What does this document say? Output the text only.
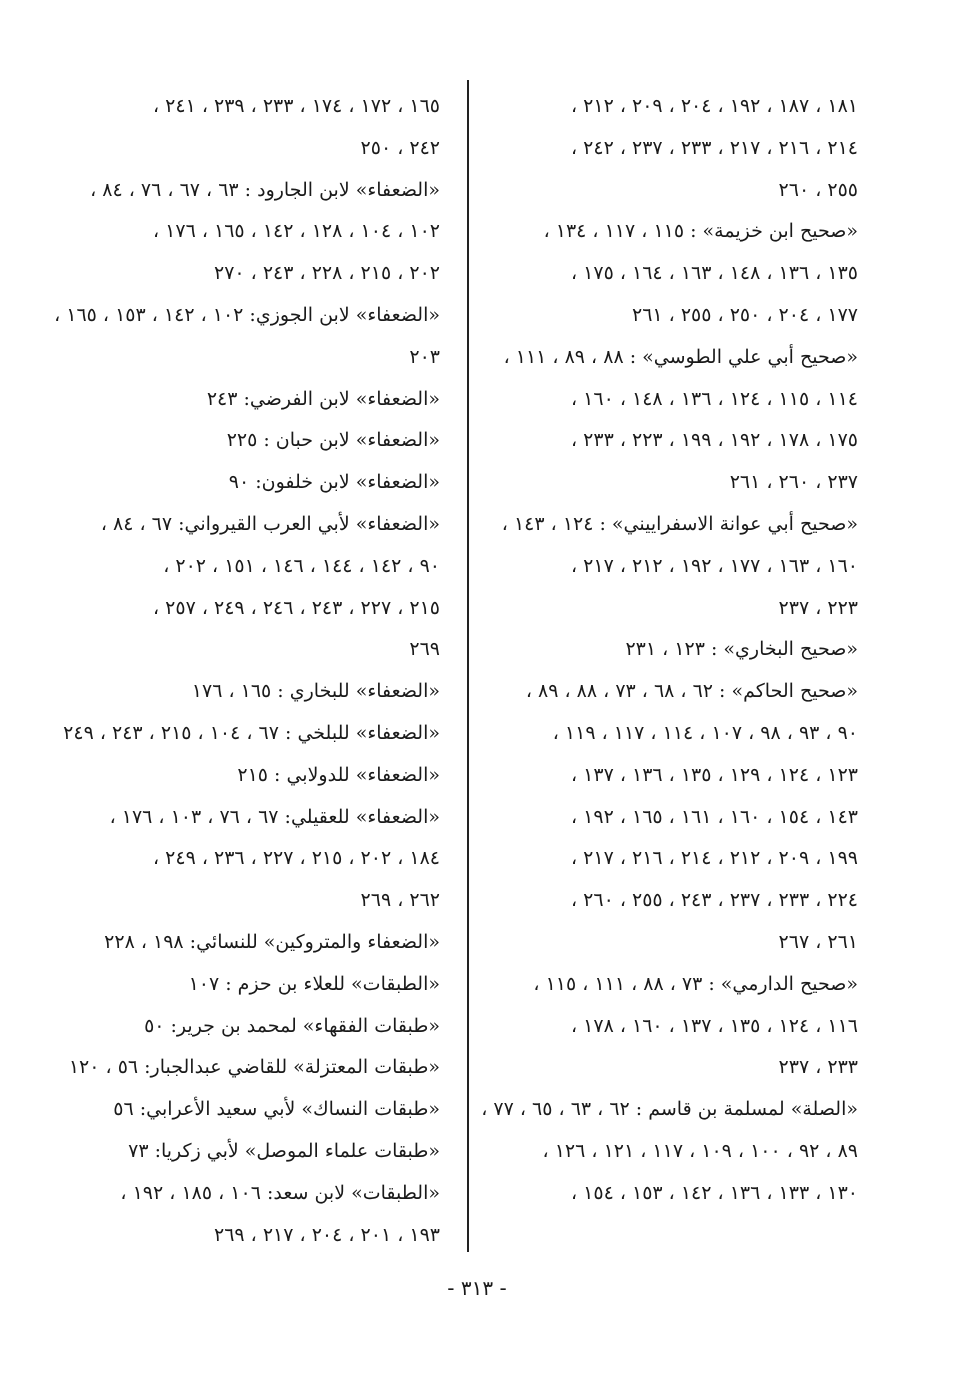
١٨١ ، ١٨٧ ، ١٩٢ ، ٢٠٤ ، ٢٠٩ ، ٢١٢ ،
٢١٤ ، ٢١٦ ، ٢١٧ ، ٢٣٣ ، ٢٣٧ ، ٢٤٢ ،
٢٥٥ ، ٢٦٠
«صحيح ابن خزيمة» : ١١٥ ، ١١٧ ، ١٣٤ ،
١٣٥ ، ١٣٦ ، ١٤٨ ، ١٦٣ ، ١٦٤ ، ١٧٥ ،
١٧٧ ، ٢٠٤ ، ٢٥٠ ، ٢٥٥ ، ٢٦١
«صحيح أبي علي الطوسي» : ٨٨ ، ٨٩ ، ١١١ ،
١١٤ ، ١١٥ ، ١٢٤ ، ١٣٦ ، ١٤٨ ، ١٦٠ ،
١٧٥ ، ١٧٨ ، ١٩٢ ، ١٩٩ ، ٢٢٣ ، ٢٣٣ ،
٢٣٧ ، ٢٦٠ ، ٢٦١
«صحيح أبي عوانة الاسفراييني» : ١٢٤ ، ١٤٣ ،
١٦٠ ، ١٦٣ ، ١٧٧ ، ١٩٢ ، ٢١٢ ، ٢١٧ ،
٢٢٣ ، ٢٣٧
«صحيح البخاري» : ١٢٣ ، ٢٣١
«صحيح الحاكم» : ٦٢ ، ٦٨ ، ٧٣ ، ٨٨ ، ٨٩ ،
٩٠ ، ٩٣ ، ٩٨ ، ١٠٧ ، ١١٤ ، ١١٧ ، ١١٩ ،
١٢٣ ، ١٢٤ ، ١٢٩ ، ١٣٥ ، ١٣٦ ، ١٣٧ ،
١٤٣ ، ١٥٤ ، ١٦٠ ، ١٦١ ، ١٦٥ ، ١٩٢ ،
١٩٩ ، ٢٠٩ ، ٢١٢ ، ٢١٤ ، ٢١٦ ، ٢١٧ ،
٢٢٤ ، ٢٣٣ ، ٢٣٧ ، ٢٤٣ ، ٢٥٥ ، ٢٦٠ ،
٢٦١ ، ٢٦٧
«صحيح الدارمي» : ٧٣ ، ٨٨ ، ١١١ ، ١١٥ ،
١١٦ ، ١٢٤ ، ١٣٥ ، ١٣٧ ، ١٦٠ ، ١٧٨ ،
٢٣٣ ، ٢٣٧
«الصلة» لمسلمة بن قاسم : ٦٢ ، ٦٣ ، ٦٥ ، ٧٧ ،
٨٩ ، ٩٢ ، ١٠٠ ، ١٠٩ ، ١١٧ ، ١٢١ ، ١٢٦ ،
١٣٠ ، ١٣٣ ، ١٣٦ ، ١٤٢ ، ١٥٣ ، ١٥٤ ،
١٦٥ ، ١٧٢ ، ١٧٤ ، ٢٣٣ ، ٢٣٩ ، ٢٤١ ،
٢٤٢ ، ٢٥٠
«الضعفاء» لابن الجارود : ٦٣ ، ٦٧ ، ٧٦ ، ٨٤ ،
١٠٢ ، ١٠٤ ، ١٢٨ ، ١٤٢ ، ١٦٥ ، ١٧٦ ،
٢٠٢ ، ٢١٥ ، ٢٢٨ ، ٢٤٣ ، ٢٧٠
«الضعفاء» لابن الجوزي: ١٠٢ ، ١٤٢ ، ١٥٣ ، ١٦٥ ،
٢٠٣
«الضعفاء» لابن الفرضي: ٢٤٣
«الضعفاء» لابن حبان : ٢٢٥
«الضعفاء» لابن خلفون: ٩٠
«الضعفاء» لأبي العرب القيرواني: ٦٧ ، ٨٤ ،
٩٠ ، ١٤٢ ، ١٤٤ ، ١٤٦ ، ١٥١ ، ٢٠٢ ،
٢١٥ ، ٢٢٧ ، ٢٤٣ ، ٢٤٦ ، ٢٤٩ ، ٢٥٧ ،
٢٦٩
«الضعفاء» للبخاري : ١٦٥ ، ١٧٦
«الضعفاء» للبلخي : ٦٧ ، ١٠٤ ، ٢١٥ ، ٢٤٣ ، ٢٤٩
«الضعفاء» للدولابي : ٢١٥
«الضعفاء» للعقيلي: ٦٧ ، ٧٦ ، ١٠٣ ، ١٧٦ ،
١٨٤ ، ٢٠٢ ، ٢١٥ ، ٢٢٧ ، ٢٣٦ ، ٢٤٩ ،
٢٦٢ ، ٢٦٩
«الضعفاء والمتروكين» للنسائي: ١٩٨ ، ٢٢٨
«الطبقات» للعلاء بن حزم : ١٠٧
«طبقات الفقهاء» لمحمد بن جرير: ٥٠
«طبقات المعتزلة» للقاضي عبدالجبار: ٥٦ ، ١٢٠
«طبقات النساك» لأبي سعيد الأعرابي: ٥٦
«طبقات علماء الموصل» لأبي زكريا: ٧٣
«الطبقات» لابن سعد: ١٠٦ ، ١٨٥ ، ١٩٢ ،
١٩٣ ، ٢٠١ ، ٢٠٤ ، ٢١٧ ، ٢٦٩
- ٣١٣ -
